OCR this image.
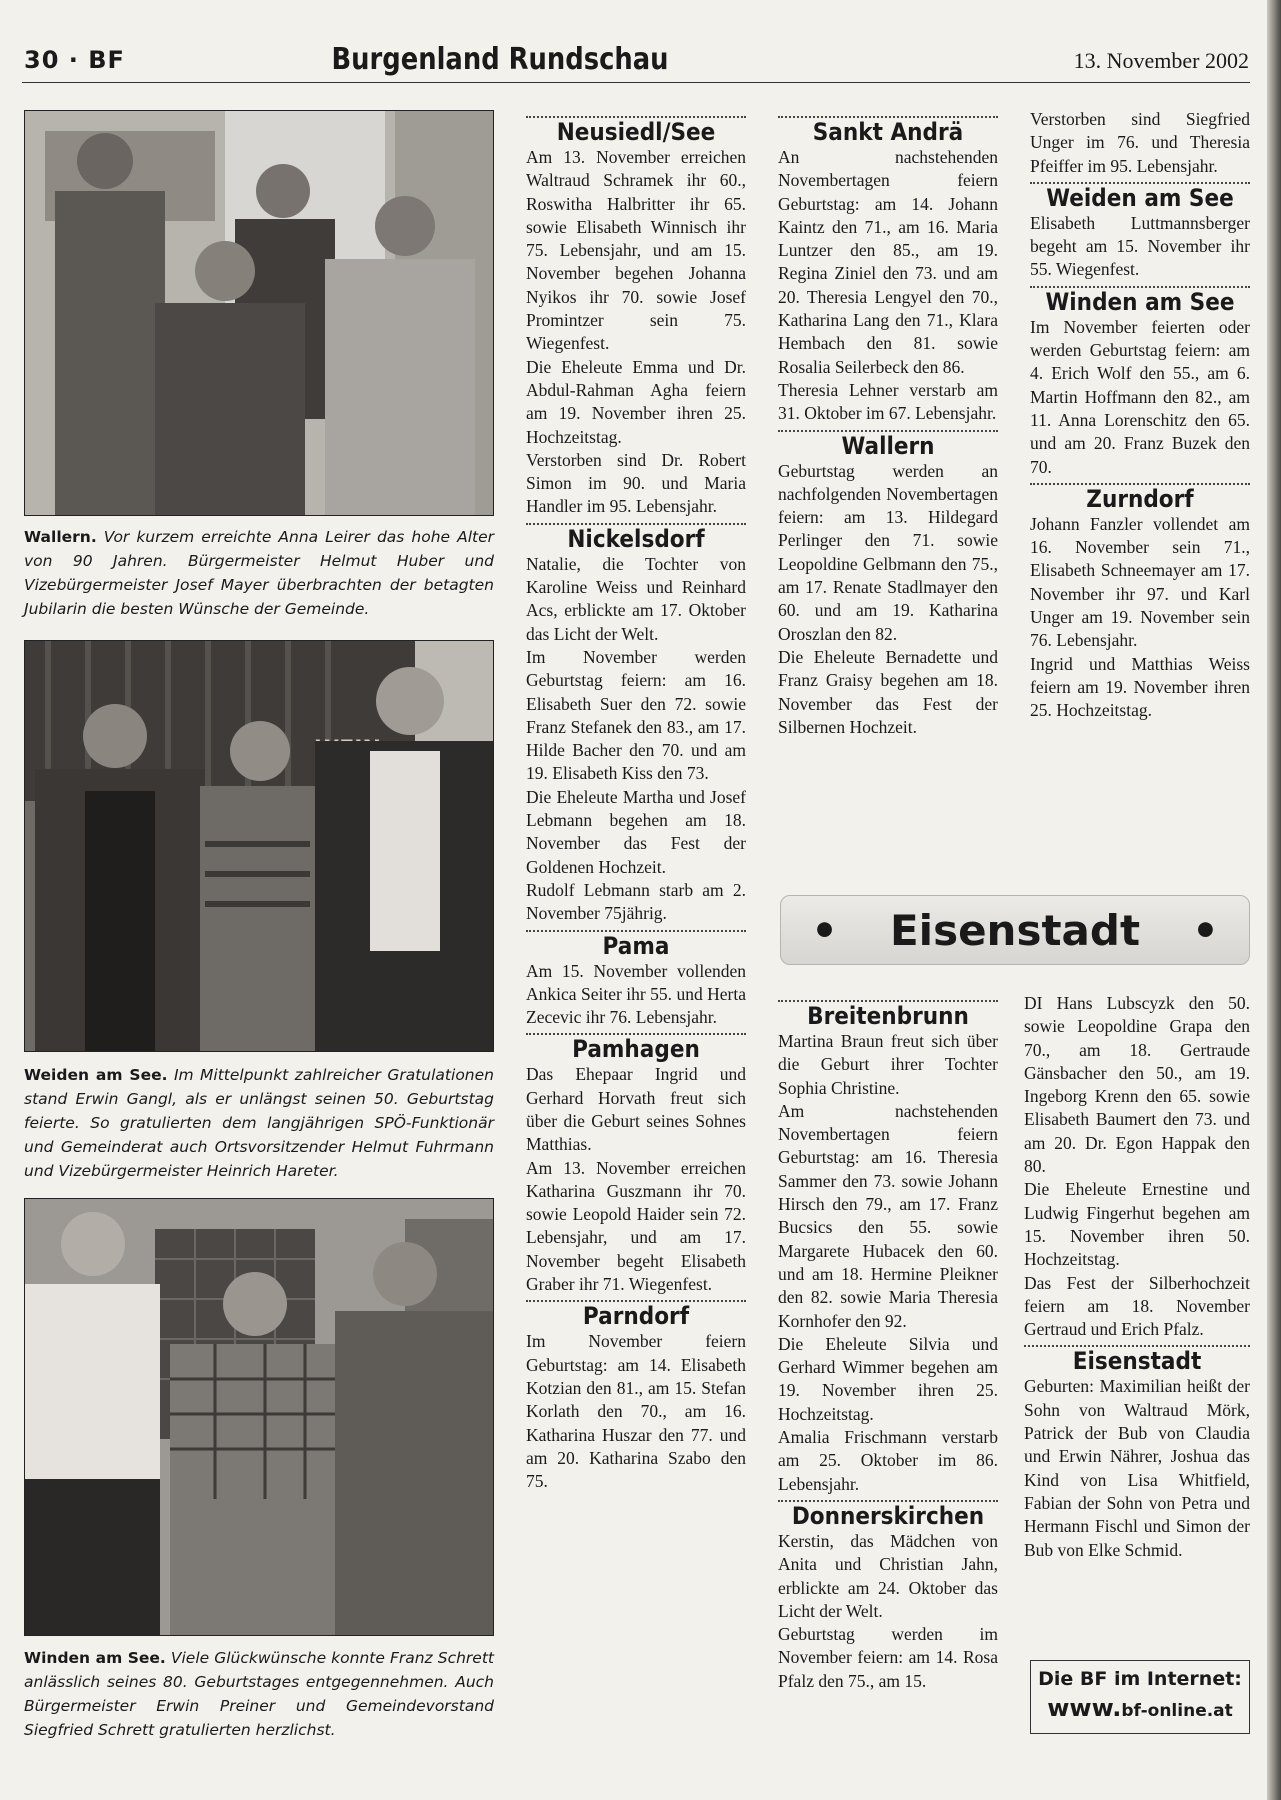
30 · BF	Burgenland Rundschau	13. November 2002
Wallern. Vor kurzem erreichte Anna Leirer das hohe Alter von 90 Jahren. Bürgermeister Helmut Huber und Vizebürgermeister Josef Mayer überbrachten der betagten Jubilarin die besten Wünsche der Gemeinde.
Weiden am See. Im Mittelpunkt zahlreicher Gratulationen stand Erwin Gangl, als er unlängst seinen 50. Geburtstag feierte. So gratulierten dem langjährigen SPÖ-Funktionär und Gemeinderat auch Ortsvorsitzender Helmut Fuhrmann und Vizebürgermeister Heinrich Hareter.
Winden am See. Viele Glückwünsche konnte Franz Schrett anlässlich seines 80. Geburtstages entgegennehmen. Auch Bürgermeister Erwin Preiner und Gemeindevorstand Siegfried Schrett gratulierten herzlichst.
Neusiedl/See

Am 13. November erreichen Waltraud Schramek ihr 60., Roswitha Halbritter ihr 65. sowie Elisabeth Winnisch ihr 75. Lebensjahr, und am 15. November begehen Johanna Nyikos ihr 70. sowie Josef Promintzer sein 75. Wiegenfest.

Die Eheleute Emma und Dr. Abdul-Rahman Agha feiern am 19. November ihren 25. Hochzeitstag.

Verstorben sind Dr. Robert Simon im 90. und Maria Handler im 95. Lebensjahr.

Nickelsdorf

Natalie, die Tochter von Karoline Weiss und Reinhard Acs, erblickte am 17. Oktober das Licht der Welt.

Im November werden Geburtstag feiern: am 16. Elisabeth Suer den 72. sowie Franz Stefanek den 83., am 17. Hilde Bacher den 70. und am 19. Elisabeth Kiss den 73.

Die Eheleute Martha und Josef Lebmann begehen am 18. November das Fest der Goldenen Hochzeit.

Rudolf Lebmann starb am 2. November 75jährig.

Pama

Am 15. November vollenden Ankica Seiter ihr 55. und Herta Zecevic ihr 76. Lebensjahr.

Pamhagen

Das Ehepaar Ingrid und Gerhard Horvath freut sich über die Geburt seines Sohnes Matthias.

Am 13. November erreichen Katharina Guszmann ihr 70. sowie Leopold Haider sein 72. Lebensjahr, und am 17. November begeht Elisabeth Graber ihr 71. Wiegenfest.

Parndorf

Im November feiern Geburtstag: am 14. Elisabeth Kotzian den 81., am 15. Stefan Korlath den 70., am 16. Katharina Huszar den 77. und am 20. Katharina Szabo den 75.

Sankt Andrä

An nachstehenden Novembertagen feiern Geburtstag: am 14. Johann Kaintz den 71., am 16. Maria Luntzer den 85., am 19. Regina Ziniel den 73. und am 20. Theresia Lengyel den 70., Katharina Lang den 71., Klara Hembach den 81. sowie Rosalia Seilerbeck den 86.

Theresia Lehner verstarb am 31. Oktober im 67. Lebensjahr.

Wallern

Geburtstag werden an nachfolgenden Novembertagen feiern: am 13. Hildegard Perlinger den 71. sowie Leopoldine Gelbmann den 75., am 17. Renate Stadlmayer den 60. und am 19. Katharina Oroszlan den 82.

Die Eheleute Bernadette und Franz Graisy begehen am 18. November das Fest der Silbernen Hochzeit.

Verstorben sind Siegfried Unger im 76. und Theresia Pfeiffer im 95. Lebensjahr.

Weiden am See

Elisabeth Luttmannsberger begeht am 15. November ihr 55. Wiegenfest.

Winden am See

Im November feierten oder werden Geburtstag feiern: am 4. Erich Wolf den 55., am 6. Martin Hoffmann den 82., am 11. Anna Lorenschitz den 65. und am 20. Franz Buzek den 70.

Zurndorf

Johann Fanzler vollendet am 16. November sein 71., Elisabeth Schneemayer am 17. November ihr 97. und Karl Unger am 19. November sein 76. Lebensjahr.

Ingrid und Matthias Weiss feiern am 19. November ihren 25. Hochzeitstag.

• Eisenstadt •
Breitenbrunn

Martina Braun freut sich über die Geburt ihrer Tochter Sophia Christine.

Am nachstehenden Novembertagen feiern Geburtstag: am 16. Theresia Sammer den 73. sowie Johann Hirsch den 79., am 17. Franz Bucsics den 55. sowie Margarete Hubacek den 60. und am 18. Hermine Pleikner den 82. sowie Maria Theresia Kornhofer den 92.

Die Eheleute Silvia und Gerhard Wimmer begehen am 19. November ihren 25. Hochzeitstag.

Amalia Frischmann verstarb am 25. Oktober im 86. Lebensjahr.

Donnerskirchen

Kerstin, das Mädchen von Anita und Christian Jahn, erblickte am 24. Oktober das Licht der Welt.

Geburtstag werden im November feiern: am 14. Rosa Pfalz den 75., am 15.

DI Hans Lubscyzk den 50. sowie Leopoldine Grapa den 70., am 18. Gertraude Gänsbacher den 50., am 19. Ingeborg Krenn den 65. sowie Elisabeth Baumert den 73. und am 20. Dr. Egon Happak den 80.

Die Eheleute Ernestine und Ludwig Fingerhut begehen am 15. November ihren 50. Hochzeitstag.

Das Fest der Silberhochzeit feiern am 18. November Gertraud und Erich Pfalz.

Eisenstadt

Geburten: Maximilian heißt der Sohn von Waltraud Mörk, Patrick der Bub von Claudia und Erwin Nährer, Joshua das Kind von Lisa Whitfield, Fabian der Sohn von Petra und Hermann Fischl und Simon der Bub von Elke Schmid.

Die BF im Internet:
www.bf-online.at
